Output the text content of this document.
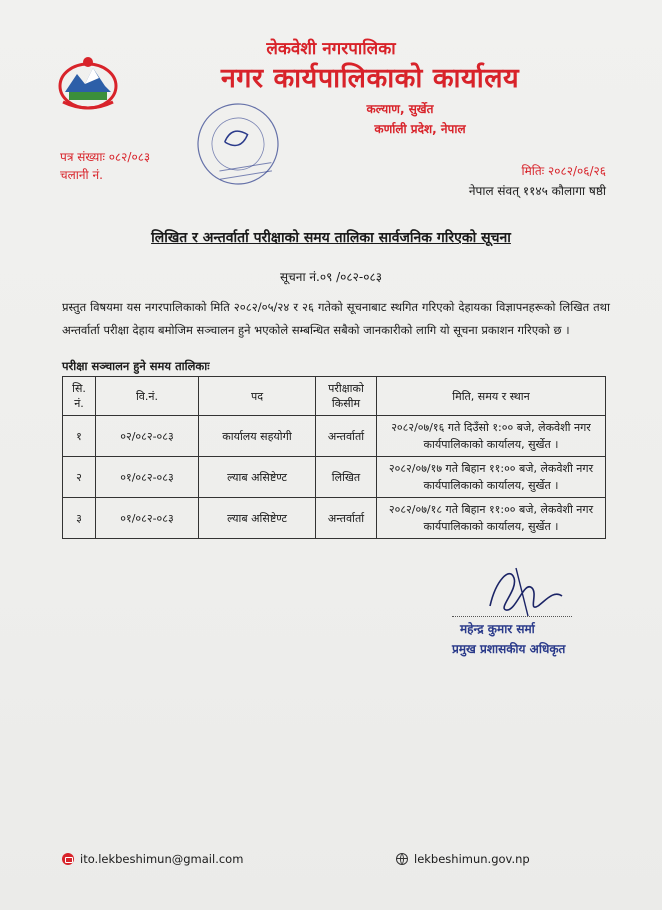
लेकवेशी नगरपालिका
नगर कार्यपालिकाको कार्यालय
कल्याण, सुर्खेत
कर्णाली प्रदेश, नेपाल
पत्र संख्याः ०८२/०८३
चलानी नं.	मितिः २०८२/०६/२६
नेपाल संवत् ११४५ कौलागा षष्ठी
लिखित र अन्तर्वार्ता परीक्षाको समय तालिका सार्वजनिक गरिएको सूचना
सूचना नं.०९ /०८२-०८३
प्रस्तुत विषयमा यस नगरपालिकाको मिति २०८२/०५/२४ र २६ गतेको सूचनाबाट स्थगित गरिएको देहायका विज्ञापनहरूको लिखित तथा अन्तर्वार्ता परीक्षा देहाय बमोजिम सञ्चालन हुने भएकोले सम्बन्धित सबैको जानकारीको लागि यो सूचना प्रकाशन गरिएको छ ।
परीक्षा सञ्चालन हुने समय तालिकाः
सि. नं.	वि.नं.	पद	परीक्षाको किसीम	मिति, समय र स्थान
१	०२/०८२-०८३	कार्यालय सहयोगी	अन्तर्वार्ता	२०८२/०७/१६ गते दिउँसो १:०० बजे, लेकवेशी नगर कार्यपालिकाको कार्यालय, सुर्खेत ।
२	०१/०८२-०८३	ल्याब असिष्टेण्ट	लिखित	२०८२/०७/१७ गते बिहान ११:०० बजे, लेकवेशी नगर कार्यपालिकाको कार्यालय, सुर्खेत ।
३	०१/०८२-०८३	ल्याब असिष्टेण्ट	अन्तर्वार्ता	२०८२/०७/१८ गते बिहान ११:०० बजे, लेकवेशी नगर कार्यपालिकाको कार्यालय, सुर्खेत ।
महेन्द्र कुमार सर्मा
प्रमुख प्रशासकीय अधिकृत
ito.lekbeshimun@gmail.com	lekbeshimun.gov.np
